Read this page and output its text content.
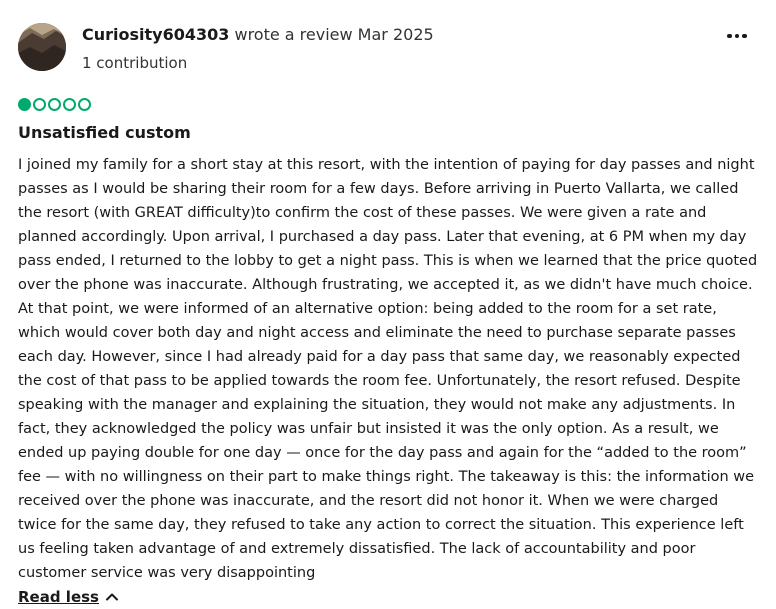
Curiosity604303 wrote a review Mar 2025
1 contribution
Unsatisfied custom
I joined my family for a short stay at this resort, with the intention of paying for day passes and night passes as I would be sharing their room for a few days. Before arriving in Puerto Vallarta, we called the resort (with GREAT difficulty)to confirm the cost of these passes. We were given a rate and planned accordingly. Upon arrival, I purchased a day pass. Later that evening, at 6 PM when my day pass ended, I returned to the lobby to get a night pass. This is when we learned that the price quoted over the phone was inaccurate. Although frustrating, we accepted it, as we didn't have much choice. At that point, we were informed of an alternative option: being added to the room for a set rate, which would cover both day and night access and eliminate the need to purchase separate passes each day. However, since I had already paid for a day pass that same day, we reasonably expected the cost of that pass to be applied towards the room fee. Unfortunately, the resort refused. Despite speaking with the manager and explaining the situation, they would not make any adjustments. In fact, they acknowledged the policy was unfair but insisted it was the only option. As a result, we ended up paying double for one day — once for the day pass and again for the “added to the room” fee — with no willingness on their part to make things right. The takeaway is this: the information we received over the phone was inaccurate, and the resort did not honor it. When we were charged twice for the same day, they refused to take any action to correct the situation. This experience left us feeling taken advantage of and extremely dissatisfied. The lack of accountability and poor customer service was very disappointing
Read less
